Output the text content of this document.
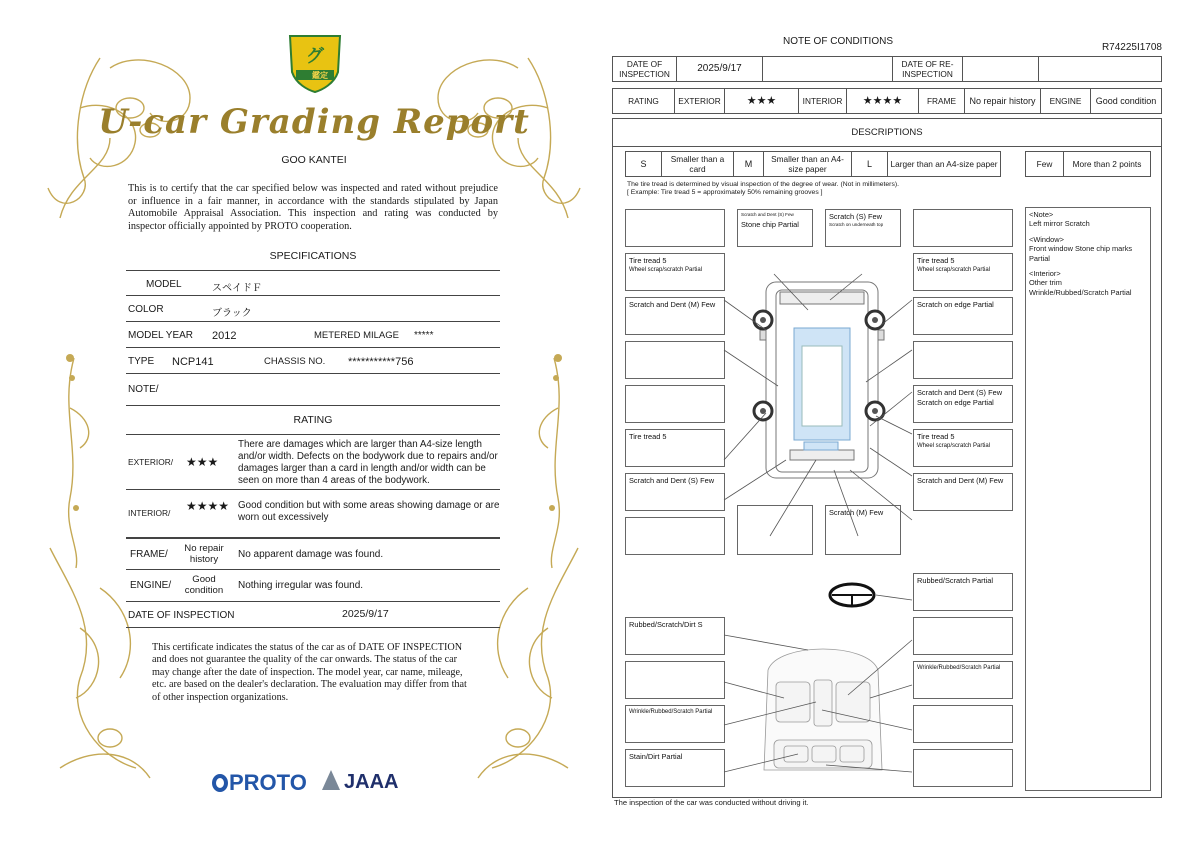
グ
鑑定
U-car Grading Report
GOO KANTEI
This is to certify that the car specified below was inspected and rated without prejudice or influence in a fair manner, in accordance with the standards stipulated by Japan Automobile Appraisal Association. This inspection and rating was conducted by inspector officially appointed by PROTO cooperation.
SPECIFICATIONS
MODEL	スペイドＦ
COLOR	ブラック
MODEL YEAR 2012	METERED MILAGE *****
TYPE NCP141	CHASSIS NO. ***********756
NOTE/
RATING
EXTERIOR/ ★★★
There are damages which are larger than A4-size length and/or width. Defects on the bodywork due to repairs and/or damages larger than a card in length and/or width can be seen on more than 4 areas of the bodywork.
INTERIOR/ ★★★★ Good condition but with some areas showing damage or are worn out excessively
FRAME/
No repair history	No apparent damage was found.
ENGINE/
Good condition	Nothing irregular was found.
DATE OF INSPECTION	2025/9/17
This certificate indicates the status of the car as of DATE OF INSPECTION and does not guarantee the quality of the car onwards. The status of the car may change after the date of inspection. The model year, car name, mileage, etc. are based on the dealer's declaration. The evaluation may differ from that of other inspection organizations.
PROTO	JAAA
NOTE OF CONDITIONS
R74225I1708
DATE OF INSPECTION	2025/9/17		DATE OF RE-INSPECTION		
RATING	EXTERIOR	★★★	INTERIOR	★★★★	FRAME	No repair history	ENGINE	Good condition
DESCRIPTIONS
S	Smaller than a card	M	Smaller than an A4-size paper	L	Larger than an A4-size paper	Few	More than 2 points
The tire tread is determined by visual inspection of the degree of wear. (Not in millimeters).
[ Example: Tire tread 5 = approximately 50% remaining grooves ]
Scratch and Dent (S) Few
Stone chip Partial
Scratch (S) Few
Scratch on underneath top
Tire tread 5
Wheel scrap/scratch Partial
Scratch and Dent (M) Few
Tire tread 5
Scratch and Dent (S) Few
Scratch (M) Few
Tire tread 5
Wheel scrap/scratch Partial
Scratch on edge Partial
Scratch and Dent (S) Few
Scratch on edge Partial
Tire tread 5
Wheel scrap/scratch Partial
Scratch and Dent (M) Few
Rubbed/Scratch Partial
Rubbed/Scratch/Dirt S
Wrinkle/Rubbed/Scratch Partial
Stain/Dirt Partial
Wrinkle/Rubbed/Scratch Partial
<Note>
Left mirror Scratch
<Window>
Front window Stone chip marks Partial
<Interior>
Other trim
Wrinkle/Rubbed/Scratch Partial
The inspection of the car was conducted without driving it.
